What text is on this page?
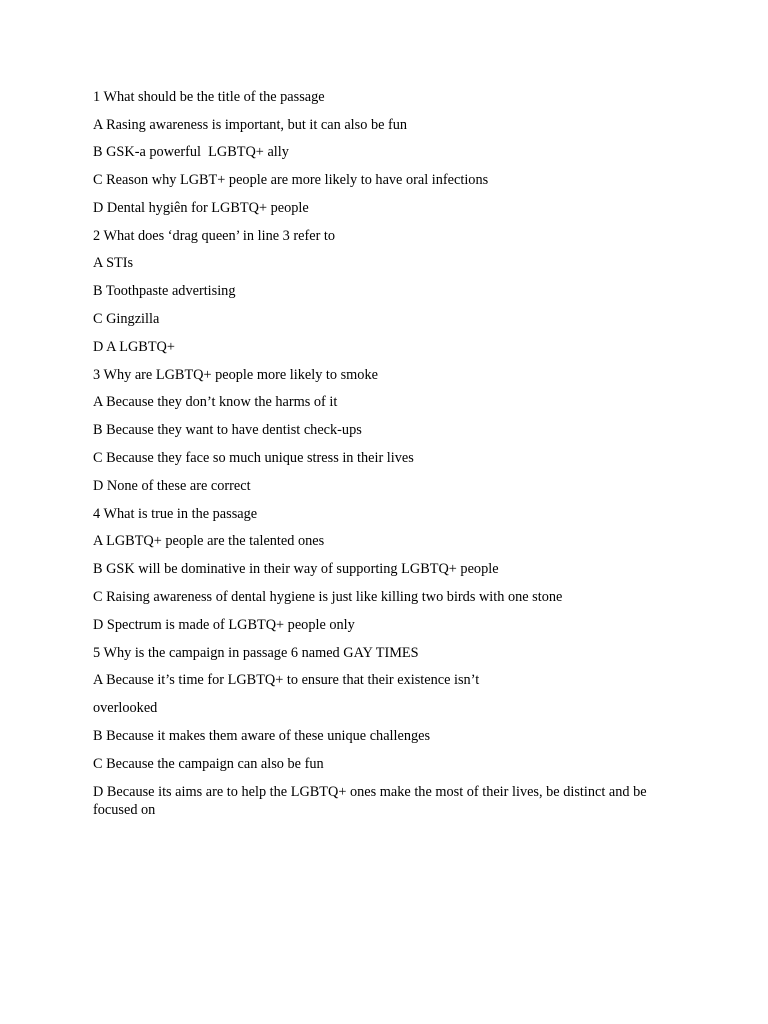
1 What should be the title of the passage
A Rasing awareness is important, but it can also be fun
B GSK-a powerful  LGBTQ+ ally
C Reason why LGBT+ people are more likely to have oral infections
D Dental hygiên for LGBTQ+ people
2 What does ‘drag queen’ in line 3 refer to
A STIs
B Toothpaste advertising
C Gingzilla
D A LGBTQ+
3 Why are LGBTQ+ people more likely to smoke
A Because they don’t know the harms of it
B Because they want to have dentist check-ups
C Because they face so much unique stress in their lives
D None of these are correct
4 What is true in the passage
A LGBTQ+ people are the talented ones
B GSK will be dominative in their way of supporting LGBTQ+ people
C Raising awareness of dental hygiene is just like killing two birds with one stone
D Spectrum is made of LGBTQ+ people only
5 Why is the campaign in passage 6 named GAY TIMES
A Because it’s time for LGBTQ+ to ensure that their existence isn’t
overlooked
B Because it makes them aware of these unique challenges
C Because the campaign can also be fun
D Because its aims are to help the LGBTQ+ ones make the most of their lives, be distinct and be focused on
